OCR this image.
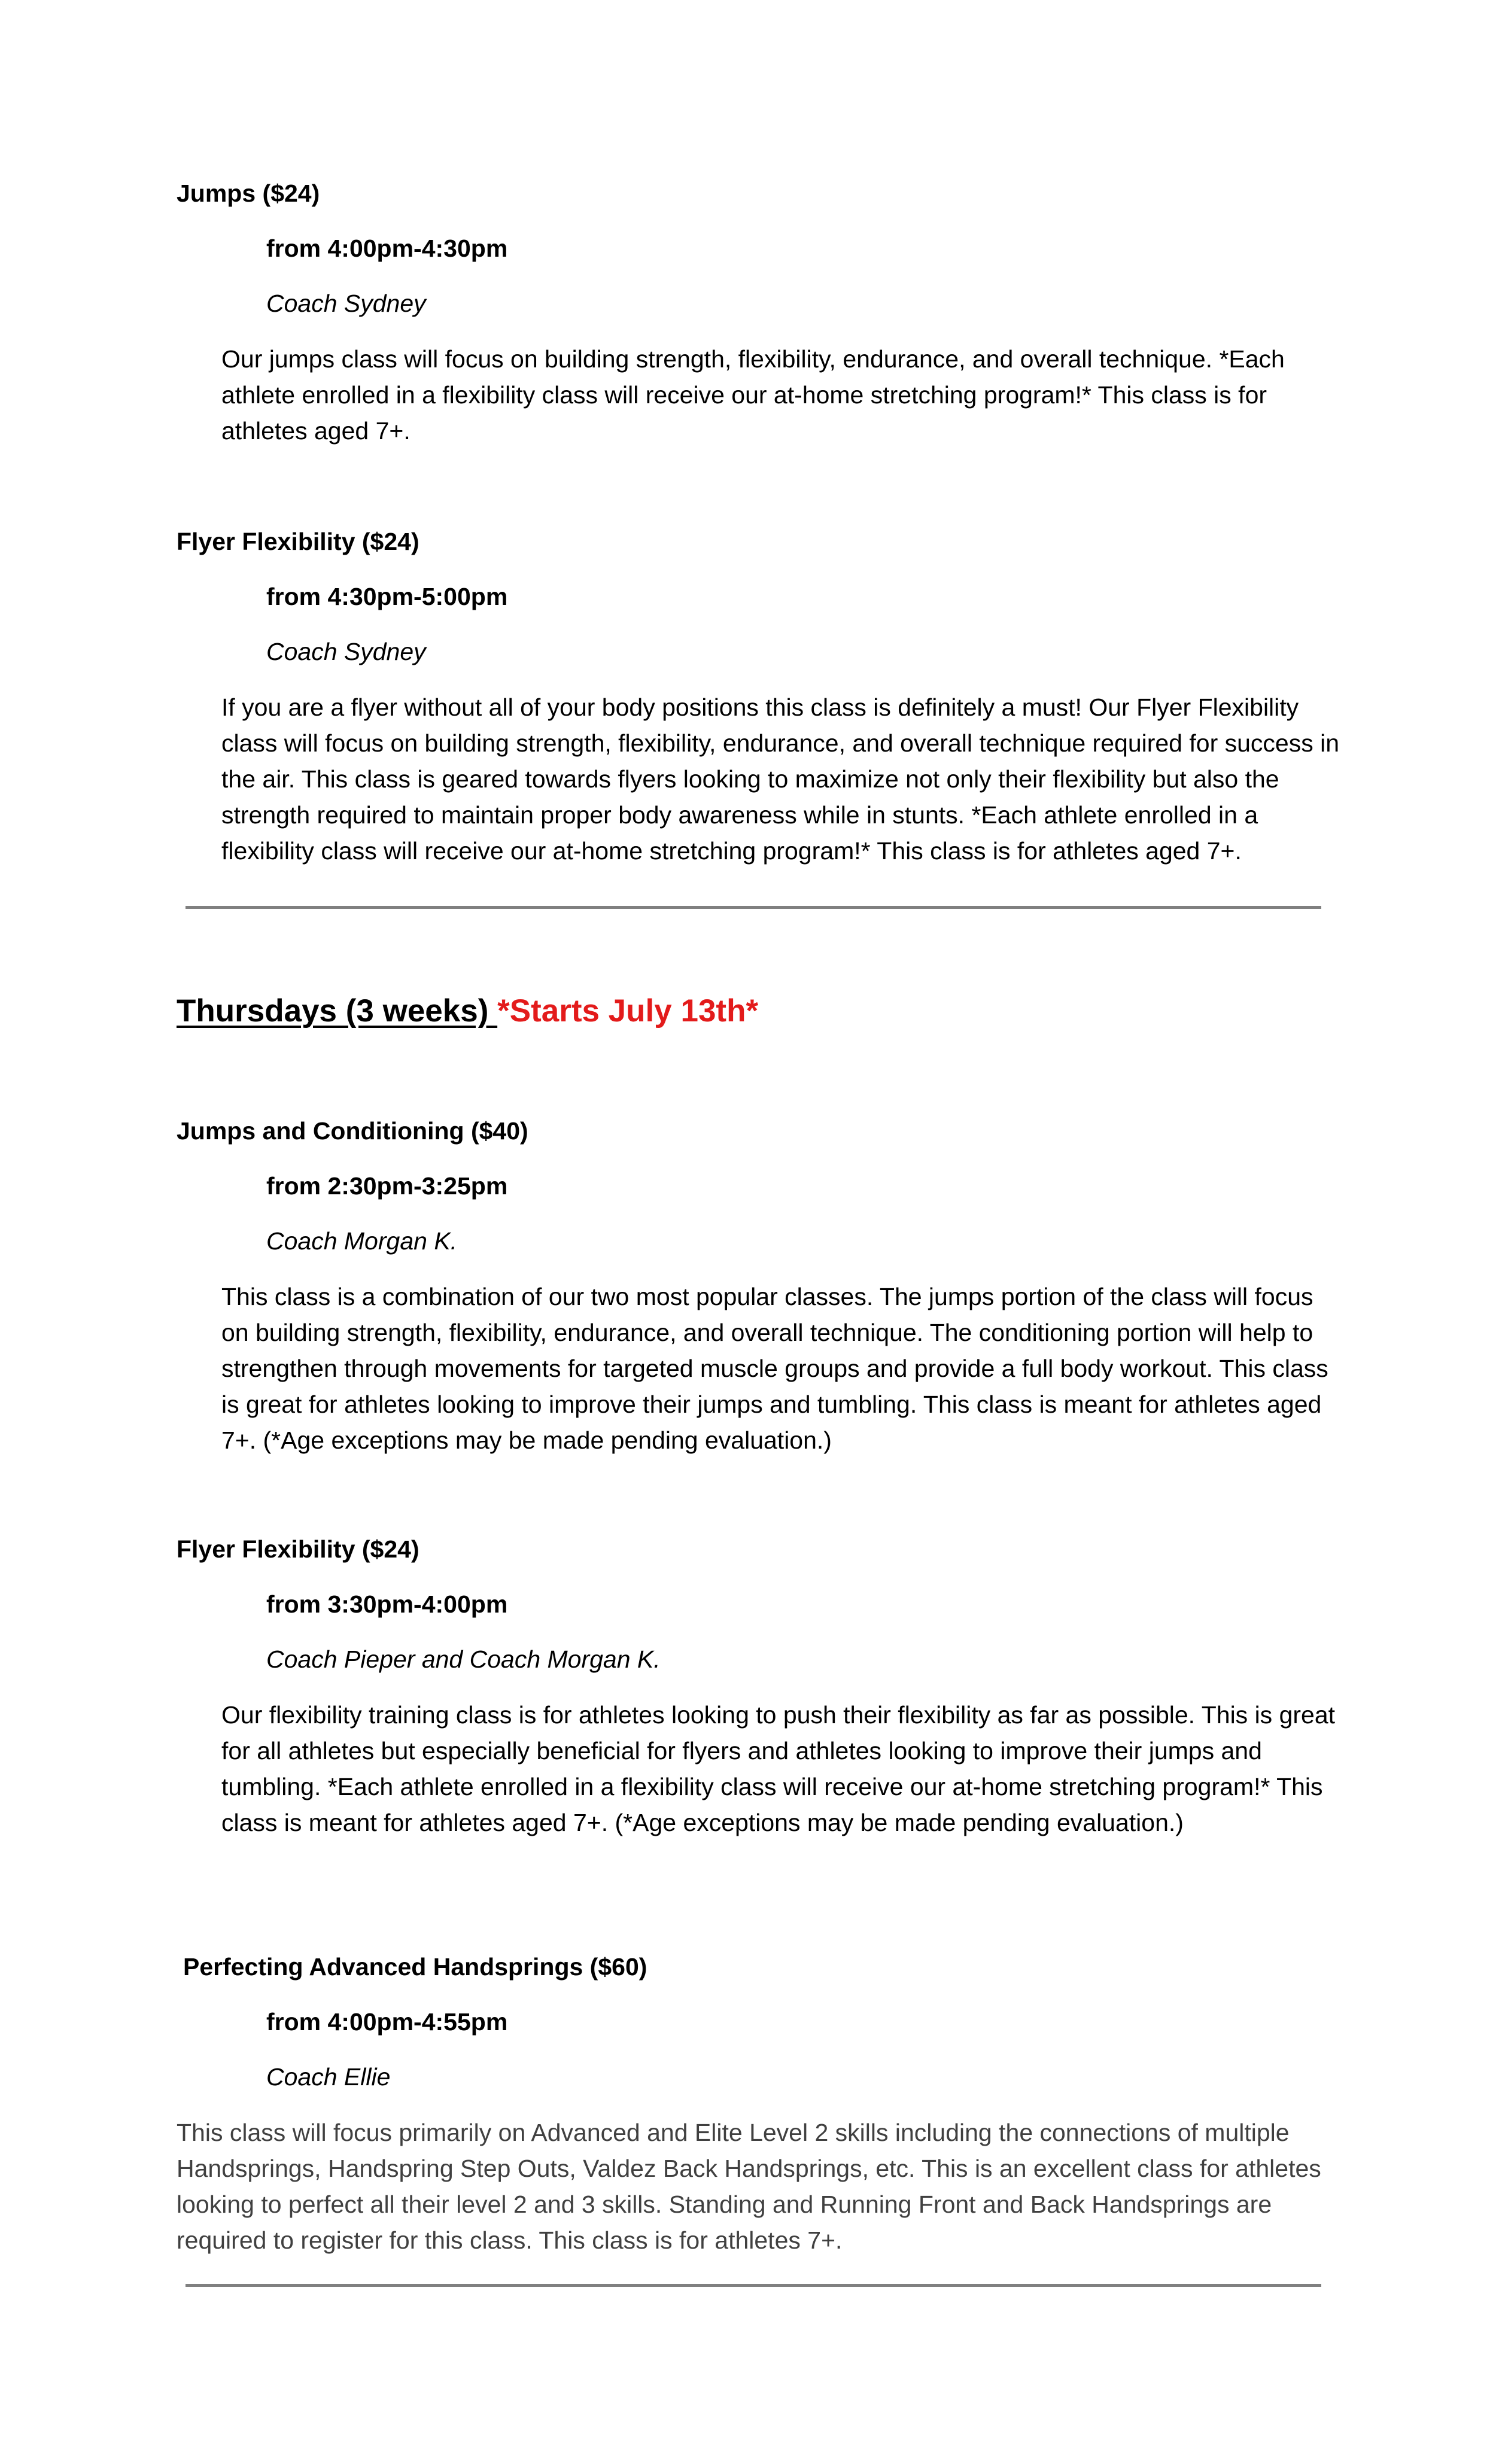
Jumps ($24)

from 4:00pm-4:30pm

Coach Sydney

Our jumps class will focus on building strength, flexibility, endurance, and overall technique. *Each athlete enrolled in a flexibility class will receive our at-home stretching program!* This class is for athletes aged 7+.

Flyer Flexibility ($24)

from 4:30pm-5:00pm

Coach Sydney

If you are a flyer without all of your body positions this class is definitely a must! Our Flyer Flexibility class will focus on building strength, flexibility, endurance, and overall technique required for success in the air. This class is geared towards flyers looking to maximize not only their flexibility but also the strength required to maintain proper body awareness while in stunts. *Each athlete enrolled in a flexibility class will receive our at-home stretching program!* This class is for athletes aged 7+.

Thursdays (3 weeks) *Starts July 13th*

Jumps and Conditioning ($40)

from 2:30pm-3:25pm

Coach Morgan K.

This class is a combination of our two most popular classes. The jumps portion of the class will focus on building strength, flexibility, endurance, and overall technique. The conditioning portion will help to strengthen through movements for targeted muscle groups and provide a full body workout. This class is great for athletes looking to improve their jumps and tumbling. This class is meant for athletes aged 7+. (*Age exceptions may be made pending evaluation.)

Flyer Flexibility ($24)

from 3:30pm-4:00pm

Coach Pieper and Coach Morgan K.

Our flexibility training class is for athletes looking to push their flexibility as far as possible. This is great for all athletes but especially beneficial for flyers and athletes looking to improve their jumps and tumbling. *Each athlete enrolled in a flexibility class will receive our at-home stretching program!* This class is meant for athletes aged 7+. (*Age exceptions may be made pending evaluation.)

Perfecting Advanced Handsprings ($60)

from 4:00pm-4:55pm

Coach Ellie

This class will focus primarily on Advanced and Elite Level 2 skills including the connections of multiple Handsprings, Handspring Step Outs, Valdez Back Handsprings, etc. This is an excellent class for athletes looking to perfect all their level 2 and 3 skills. Standing and Running Front and Back Handsprings are required to register for this class. This class is for athletes 7+.
